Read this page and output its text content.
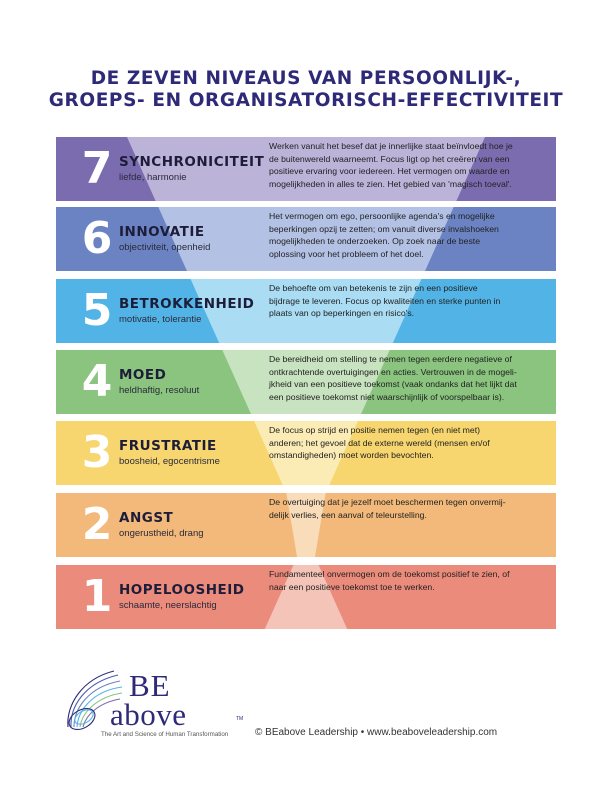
DE ZEVEN NIVEAUS VAN PERSOONLIJK-,
GROEPS- EN ORGANISATORISCH-EFFECTIVITEIT
7 SYNCHRONICITEIT
liefde, harmonie
Werken vanuit het besef dat je innerlijke staat beïnvloedt hoe je
de buitenwereld waarneemt. Focus ligt op het creëren van een
positieve ervaring voor iedereen. Het vermogen om waarde en
mogelijkheden in alles te zien. Het gebied van 'magisch toeval'.
6 INNOVATIE
objectiviteit, openheid
Het vermogen om ego, persoonlijke agenda's en mogelijke
beperkingen opzij te zetten; om vanuit diverse invalshoeken
mogelijkheden te onderzoeken. Op zoek naar de beste
oplossing voor het probleem of het doel.
5 BETROKKENHEID
motivatie, tolerantie
De behoefte om van betekenis te zijn en een positieve
bijdrage te leveren. Focus op kwaliteiten en sterke punten in
plaats van op beperkingen en risico's.
4 MOED
heldhaftig, resoluut
De bereidheid om stelling te nemen tegen eerdere negatieve of
ontkrachtende overtuigingen en acties. Vertrouwen in de mogeli-
jkheid van een positieve toekomst (vaak ondanks dat het lijkt dat
een positieve toekomst niet waarschijnlijk of voorspelbaar is).
3 FRUSTRATIE
boosheid, egocentrisme
De focus op strijd en positie nemen tegen (en niet met)
anderen; het gevoel dat de externe wereld (mensen en/of
omstandigheden) moet worden bevochten.
2 ANGST
ongerustheid, drang
De overtuiging dat je jezelf moet beschermen tegen onvermij-
delijk verlies, een aanval of teleurstelling.
1 HOPELOOSHEID
schaamte, neerslachtig
Fundamenteel onvermogen om de toekomst positief te zien, of
naar een positieve toekomst toe te werken.
BE
above	TM
The Art and Science of Human Transformation	© BEabove Leadership • www.beaboveleadership.com
